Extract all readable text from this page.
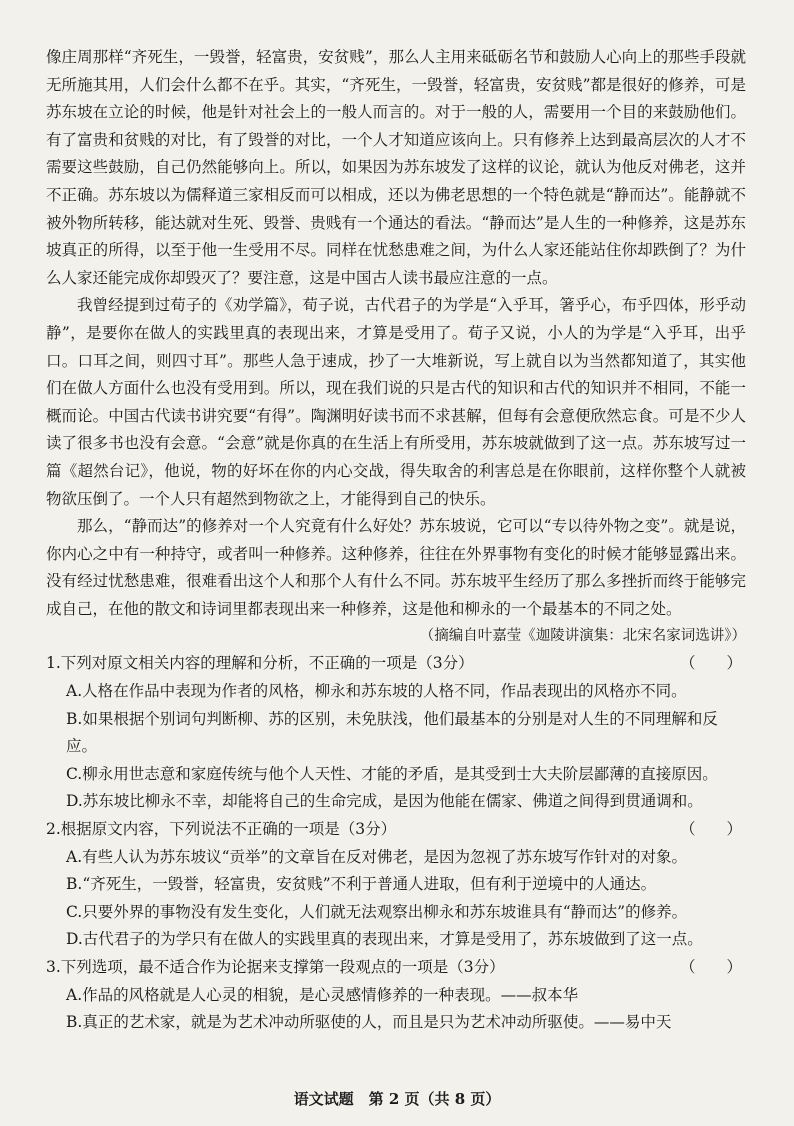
像庄周那样“齐死生，一毁誉，轻富贵，安贫贱”，那么人主用来砥砺名节和鼓励人心向上的那些手段就无所施其用，人们会什么都不在乎。其实，“齐死生，一毁誉，轻富贵，安贫贱”都是很好的修养，可是苏东坡在立论的时候，他是针对社会上的一般人而言的。对于一般的人，需要用一个目的来鼓励他们。有了富贵和贫贱的对比，有了毁誉的对比，一个人才知道应该向上。只有修养上达到最高层次的人才不需要这些鼓励，自己仍然能够向上。所以，如果因为苏东坡发了这样的议论，就认为他反对佛老，这并不正确。苏东坡以为儒释道三家相反而可以相成，还以为佛老思想的一个特色就是“静而达”。能静就不被外物所转移，能达就对生死、毁誉、贵贱有一个通达的看法。“静而达”是人生的一种修养，这是苏东坡真正的所得，以至于他一生受用不尽。同样在忧愁患难之间，为什么人家还能站住你却跌倒了？为什么人家还能完成你却毁灭了？要注意，这是中国古人读书最应注意的一点。

我曾经提到过荀子的《劝学篇》，荀子说，古代君子的为学是“入乎耳，箸乎心，布乎四体，形乎动静”，是要你在做人的实践里真的表现出来，才算是受用了。荀子又说，小人的为学是“入乎耳，出乎口。口耳之间，则四寸耳”。那些人急于速成，抄了一大堆新说，写上就自以为当然都知道了，其实他们在做人方面什么也没有受用到。所以，现在我们说的只是古代的知识和古代的知识并不相同，不能一概而论。中国古代读书讲究要“有得”。陶渊明好读书而不求甚解，但每有会意便欣然忘食。可是不少人读了很多书也没有会意。“会意”就是你真的在生活上有所受用，苏东坡就做到了这一点。苏东坡写过一篇《超然台记》，他说，物的好坏在你的内心交战，得失取舍的利害总是在你眼前，这样你整个人就被物欲压倒了。一个人只有超然到物欲之上，才能得到自己的快乐。

那么，“静而达”的修养对一个人究竟有什么好处？苏东坡说，它可以“专以待外物之变”。就是说，你内心之中有一种持守，或者叫一种修养。这种修养，往往在外界事物有变化的时候才能够显露出来。没有经过忧愁患难，很难看出这个人和那个人有什么不同。苏东坡平生经历了那么多挫折而终于能够完成自己，在他的散文和诗词里都表现出来一种修养，这是他和柳永的一个最基本的不同之处。

（摘编自叶嘉莹《迦陵讲演集：北宋名家词选讲》）

1.下列对原文相关内容的理解和分析，不正确的一项是（3分）	（　　）

A.人格在作品中表现为作者的风格，柳永和苏东坡的人格不同，作品表现出的风格亦不同。

B.如果根据个别词句判断柳、苏的区别，未免肤浅，他们最基本的分别是对人生的不同理解和反应。

C.柳永用世志意和家庭传统与他个人天性、才能的矛盾，是其受到士大夫阶层鄙薄的直接原因。

D.苏东坡比柳永不幸，却能将自己的生命完成，是因为他能在儒家、佛道之间得到贯通调和。

2.根据原文内容，下列说法不正确的一项是（3分）	（　　）

A.有些人认为苏东坡议“贡举”的文章旨在反对佛老，是因为忽视了苏东坡写作针对的对象。

B.“齐死生，一毁誉，轻富贵，安贫贱”不利于普通人进取，但有利于逆境中的人通达。

C.只要外界的事物没有发生变化，人们就无法观察出柳永和苏东坡谁具有“静而达”的修养。

D.古代君子的为学只有在做人的实践里真的表现出来，才算是受用了，苏东坡做到了这一点。

3.下列选项，最不适合作为论据来支撑第一段观点的一项是（3分）	（　　）

A.作品的风格就是人心灵的相貌，是心灵感情修养的一种表现。——叔本华

B.真正的艺术家，就是为艺术冲动所驱使的人，而且是只为艺术冲动所驱使。——易中天

语文试题　第 2 页（共 8 页）
